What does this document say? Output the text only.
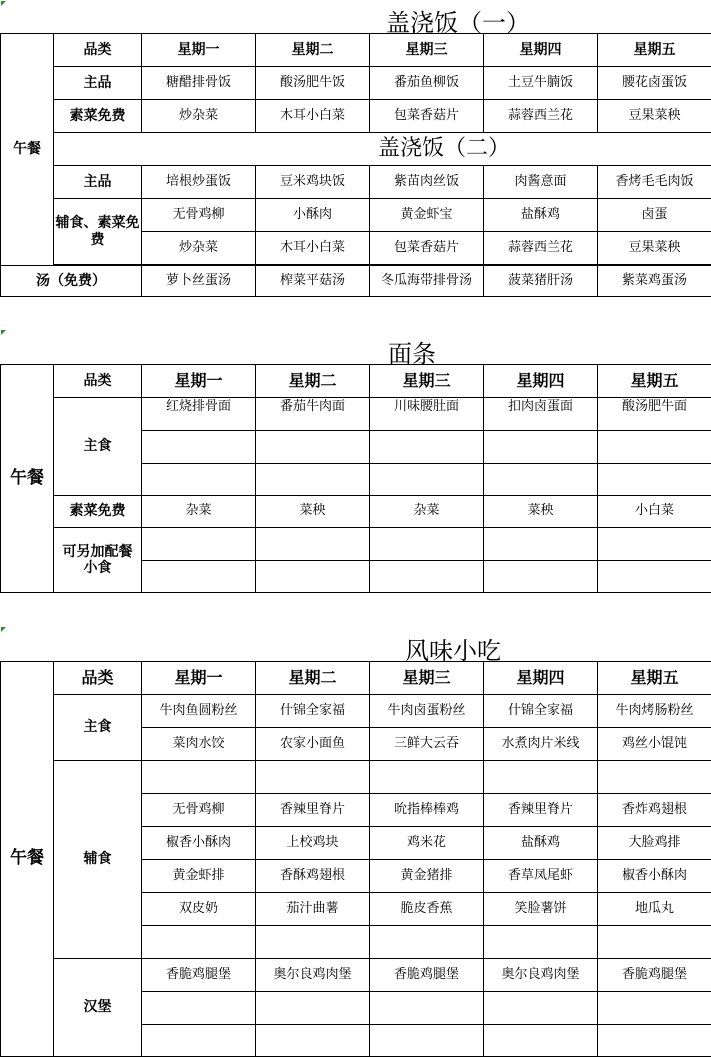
盖浇饭（一）
午餐	品类	星期一	星期二	星期三	星期四	星期五
	主品	糖醋排骨饭	酸汤肥牛饭	番茄鱼柳饭	土豆牛腩饭	腰花卤蛋饭
	素菜免费	炒杂菜	木耳小白菜	包菜香菇片	蒜蓉西兰花	豆果菜秧
	盖浇饭（二）					
	主品	培根炒蛋饭	豆米鸡块饭	紫苗肉丝饭	肉酱意面	香烤毛毛肉饭
	辅食、素菜免费	无骨鸡柳	小酥肉	黄金虾宝	盐酥鸡	卤蛋
		炒杂菜	木耳小白菜	包菜香菇片	蒜蓉西兰花	豆果菜秧

汤（免费）		萝卜丝蛋汤	榨菜平菇汤	冬瓜海带排骨汤	菠菜猪肝汤	紫菜鸡蛋汤
面条
午餐	品类	星期一	星期二	星期三	星期四	星期五
	主食	红烧排骨面	番茄牛肉面	川味腰肚面	扣肉卤蛋面	酸汤肥牛面

	素菜免费	杂菜	菜秧	杂菜	菜秧	小白菜
	可另加配餐小食					

风味小吃
午餐	品类	星期一	星期二	星期三	星期四	星期五
	主食	牛肉鱼圆粉丝	什锦全家福	牛肉卤蛋粉丝	什锦全家福	牛肉烤肠粉丝
		菜肉水饺	农家小面鱼	三鲜大云吞	水煮肉片米线	鸡丝小馄饨
	辅食					
		无骨鸡柳	香辣里脊片	吮指棒棒鸡	香辣里脊片	香炸鸡翅根
		椒香小酥肉	上校鸡块	鸡米花	盐酥鸡	大脸鸡排
		黄金虾排	香酥鸡翅根	黄金猪排	香草凤尾虾	椒香小酥肉
		双皮奶	茄汁曲薯	脆皮香蕉	笑脸薯饼	地瓜丸

	汉堡	香脆鸡腿堡	奥尔良鸡肉堡	香脆鸡腿堡	奥尔良鸡肉堡	香脆鸡腿堡
